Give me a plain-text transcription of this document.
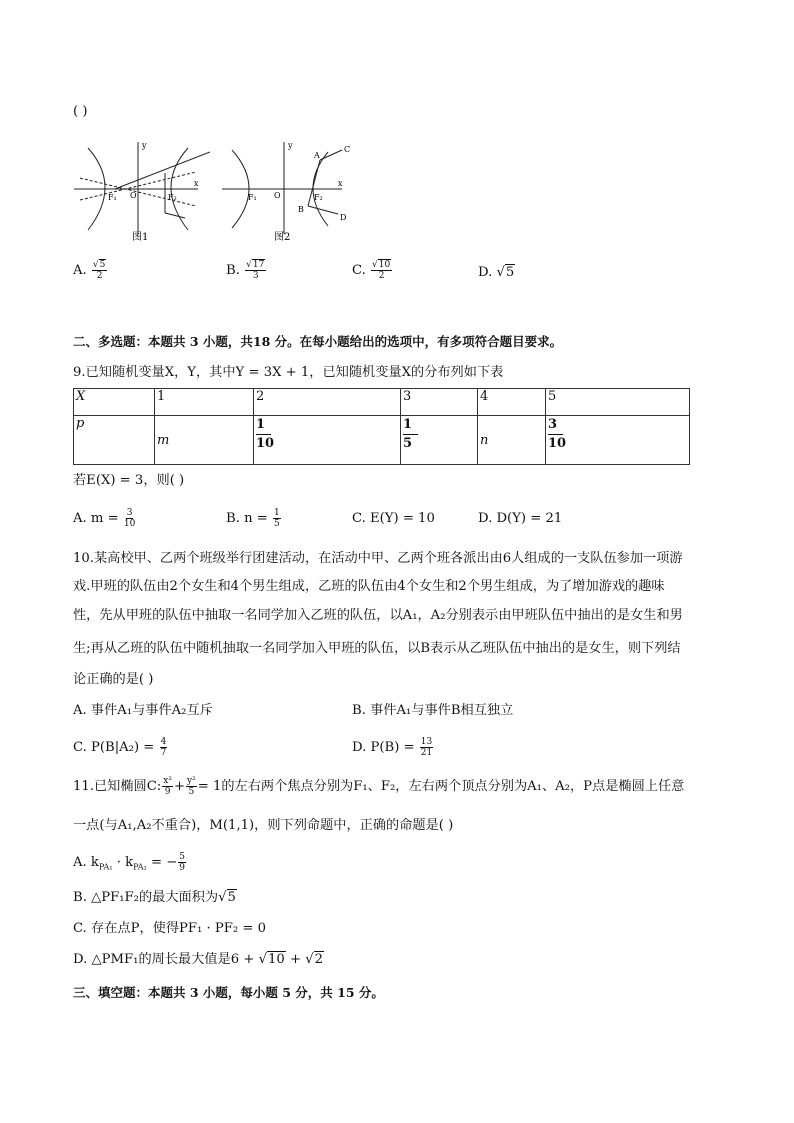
( )
y
x
O
F₁	F₂
图1
y
x
O
F₁	F₂
A
B
C
D
图2
A. $\frac{√5}{2}$	B. $\frac{√17}{3}$	C. $\frac{√10}{2}$	D. √5
二、多选题：本题共 3 小题，共18 分。在每小题给出的选项中，有多项符合题目要求。
9.已知随机变量X，Y，其中Y = 3X + 1，已知随机变量X的分布列如下表
X	1	2	3	4	5
p	m	$\frac{1}{10}$	$\frac{1}{5}$	n	$\frac{3}{10}$
若E(X) = 3，则( )
A. $m = \frac{3}{10}$	B. $n = \frac{1}{5}$	C. E(Y) = 10	D. D(Y) = 21
10.某高校甲、乙两个班级举行团建活动，在活动中甲、乙两个班各派出由6人组成的一支队伍参加一项游
戏.甲班的队伍由2个女生和4个男生组成，乙班的队伍由4个女生和2个男生组成，为了增加游戏的趣味
性，先从甲班的队伍中抽取一名同学加入乙班的队伍，以A₁，A₂分别表示由甲班队伍中抽出的是女生和男
生;再从乙班的队伍中随机抽取一名同学加入甲班的队伍，以B表示从乙班队伍中抽出的是女生，则下列结
论正确的是( )
A. 事件A₁与事件A₂互斥	B. 事件A₁与事件B相互独立
C. $P(B|A_2) = \frac{4}{7}$	D. $P(B) = \frac{13}{21}$
11.已知椭圆C: $\frac{\text{x²}}{9} + \frac{\text{y²}}{5} = 1$的左右两个焦点分别为F₁、F₂，左右两个顶点分别为A₁、A₂，P点是椭圆上任意
一点(与A₁,A₂不重合)，M(1,1)，则下列命题中，正确的命题是( )
A. $k_{PA_1} \cdot k_{PA_2}$ = − $\frac{5}{9}$
B. △PF₁F₂的最大面积为√5
C. 存在点P，使得PF₁ · PF₂ = 0
D. △PMF₁的周长最大值是6 + √10 + √2
三、填空题：本题共 3 小题，每小题 5 分，共 15 分。
